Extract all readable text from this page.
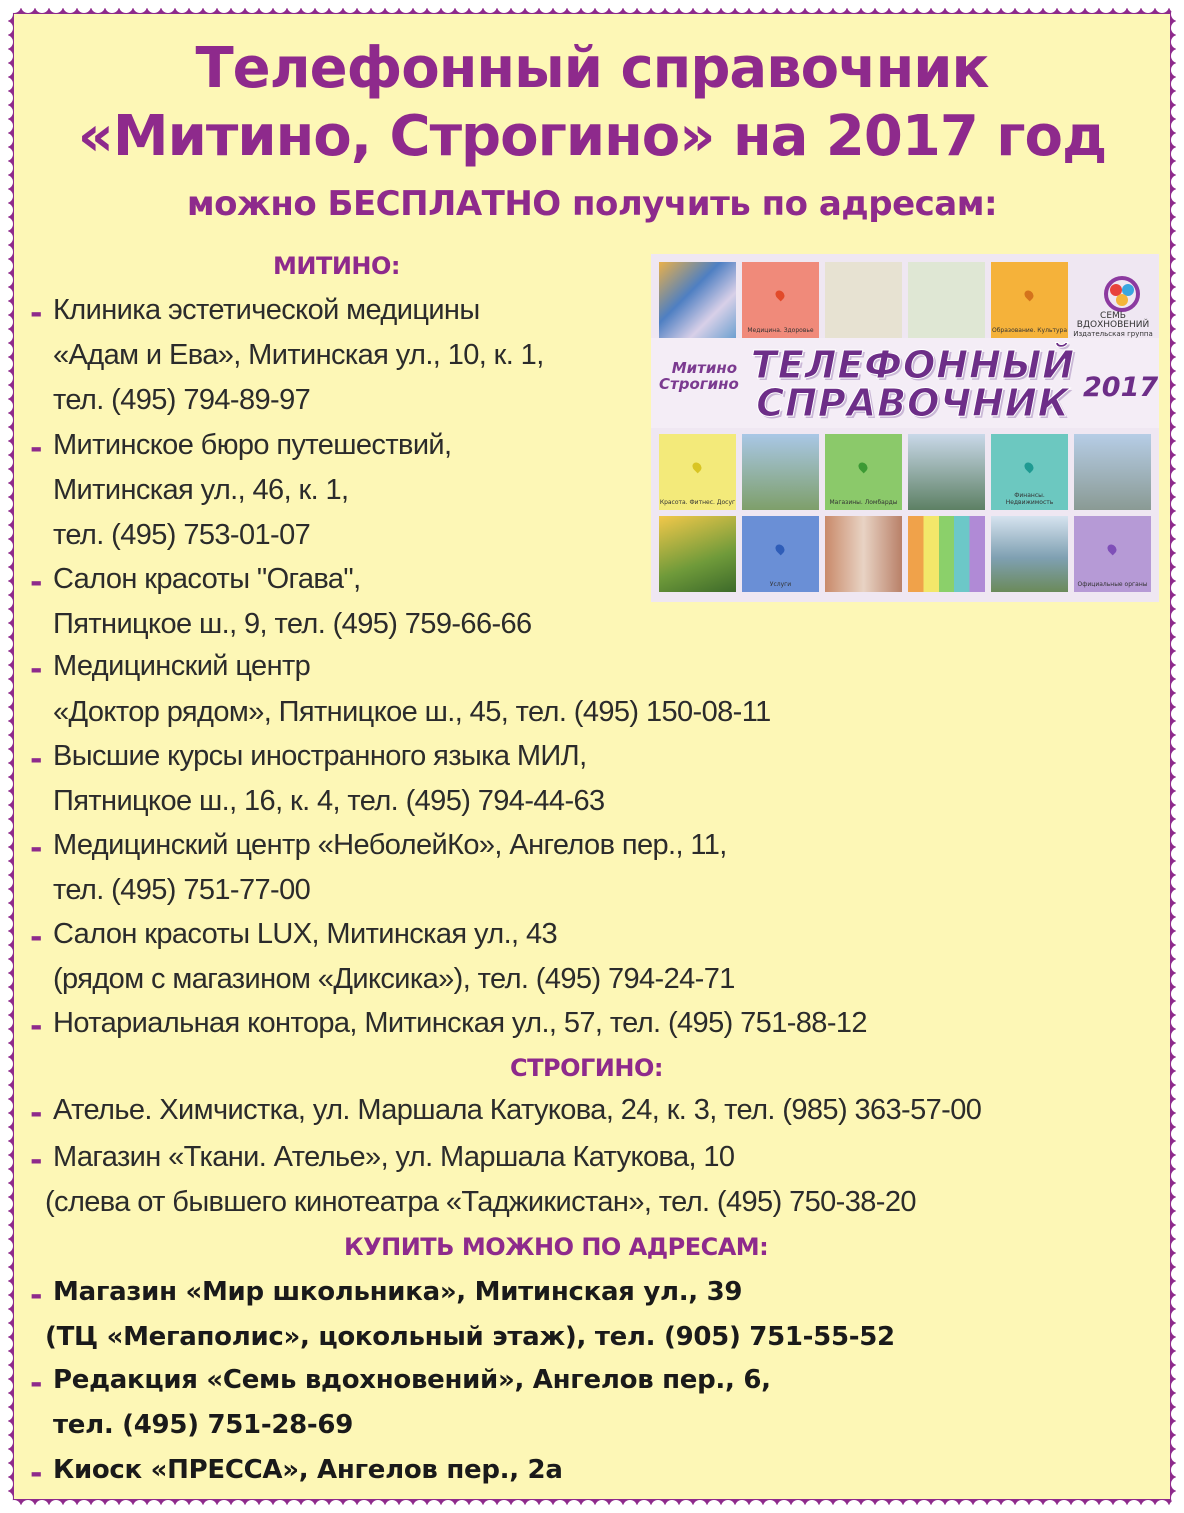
Телефонный справочник
«Митино, Строгино» на 2017 год
можно БЕСПЛАТНО получить по адресам:
МИТИНО:
Медицина. Здоровье	Образование. Культура
СЕМЬ ВДОХНОВЕНИЙ
Издательская группа
Митино Строгино ТЕЛЕФОННЫЙ СПРАВОЧНИК 2017
Красота. Фитнес. Досуг	Магазины. Ломбарды
Финансы. Недвижимость
Услуги	Официальные органы
- Клиника эстетической медицины
«Адам и Ева», Митинская ул., 10, к. 1,
тел. (495) 794-89-97
- Митинское бюро путешествий,
Митинская ул., 46, к. 1,
тел. (495) 753-01-07
- Салон красоты "Огава",
Пятницкое ш., 9, тел. (495) 759-66-66
- Медицинский центр
«Доктор рядом», Пятницкое ш., 45, тел. (495) 150-08-11
- Высшие курсы иностранного языка МИЛ,
Пятницкое ш., 16, к. 4, тел. (495) 794-44-63
- Медицинский центр «НеболейКо», Ангелов пер., 11,
тел. (495) 751-77-00
- Салон красоты LUX, Митинская ул., 43
(рядом с магазином «Диксика»), тел. (495) 794-24-71
- Нотариальная контора, Митинская ул., 57, тел. (495) 751-88-12
СТРОГИНО:
- Ателье. Химчистка, ул. Маршала Катукова, 24, к. 3, тел. (985) 363-57-00
- Магазин «Ткани. Ателье», ул. Маршала Катукова, 10
(слева от бывшего кинотеатра «Таджикистан», тел. (495) 750-38-20
КУПИТЬ МОЖНО ПО АДРЕСАМ:
- Магазин «Мир школьника», Митинская ул., 39
(ТЦ «Мегаполис», цокольный этаж), тел. (905) 751-55-52
- Редакция «Семь вдохновений», Ангелов пер., 6,
тел. (495) 751-28-69
- Киоск «ПРЕССА», Ангелов пер., 2а
